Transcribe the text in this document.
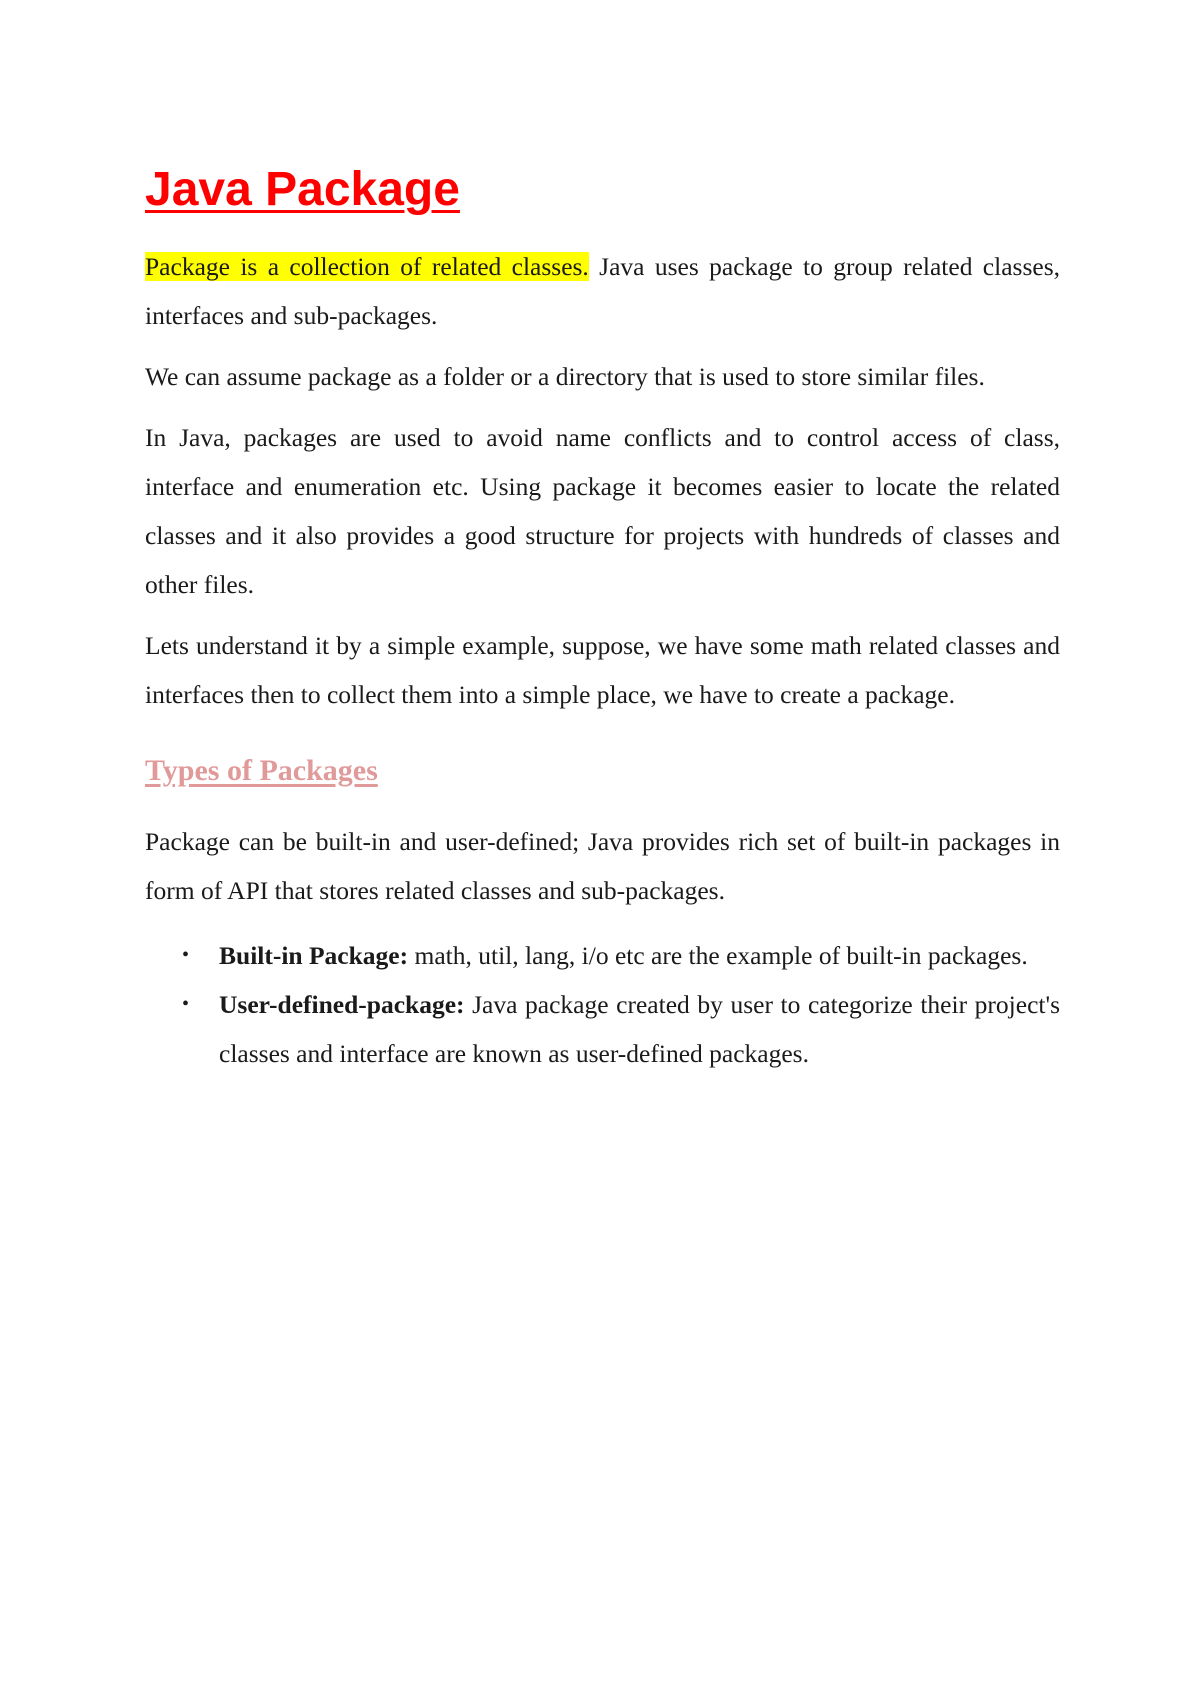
Java Package

Package is a collection of related classes. Java uses package to group related classes, interfaces and sub-packages.

We can assume package as a folder or a directory that is used to store similar files.

In Java, packages are used to avoid name conflicts and to control access of class, interface and enumeration etc. Using package it becomes easier to locate the related classes and it also provides a good structure for projects with hundreds of classes and other files.

Lets understand it by a simple example, suppose, we have some math related classes and interfaces then to collect them into a simple place, we have to create a package.

Types of Packages

Package can be built-in and user-defined; Java provides rich set of built-in packages in form of API that stores related classes and sub-packages.

• Built-in Package: math, util, lang, i/o etc are the example of built-in packages.
• User-defined-package: Java package created by user to categorize their project's classes and interface are known as user-defined packages.
